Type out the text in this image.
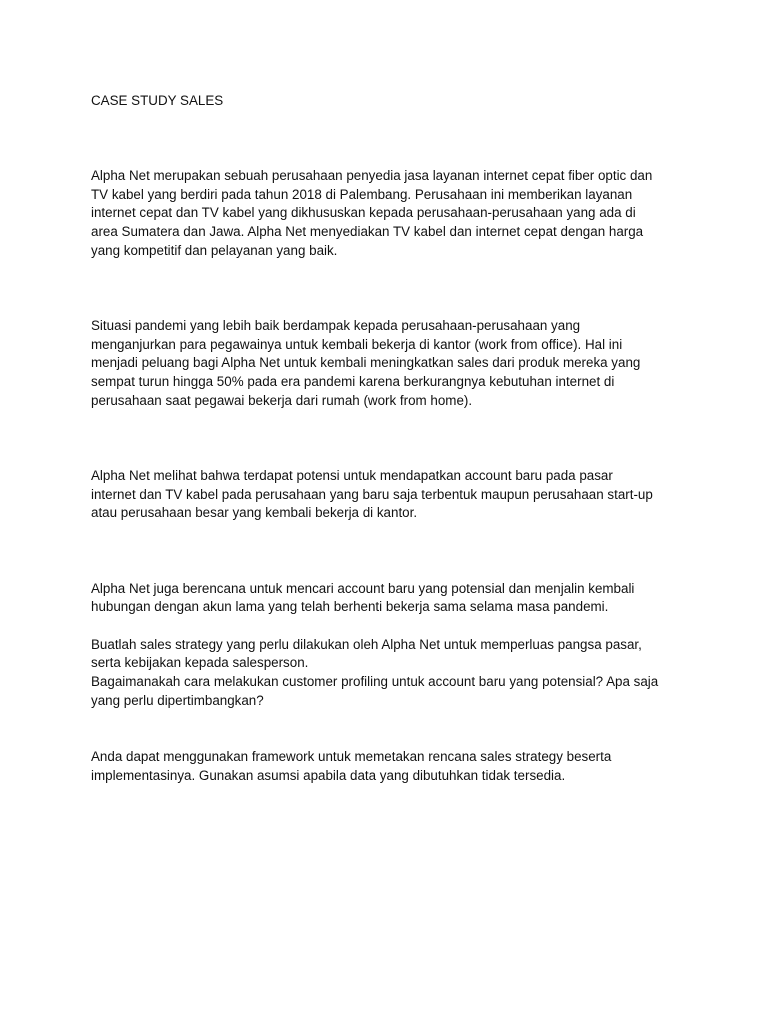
CASE STUDY SALES
Alpha Net merupakan sebuah perusahaan penyedia jasa layanan internet cepat fiber optic dan
TV kabel yang berdiri pada tahun 2018 di Palembang. Perusahaan ini memberikan layanan
internet cepat dan TV kabel yang dikhususkan kepada perusahaan-perusahaan yang ada di
area Sumatera dan Jawa. Alpha Net menyediakan TV kabel dan internet cepat dengan harga
yang kompetitif dan pelayanan yang baik.
Situasi pandemi yang lebih baik berdampak kepada perusahaan-perusahaan yang
menganjurkan para pegawainya untuk kembali bekerja di kantor (work from office). Hal ini
menjadi peluang bagi Alpha Net untuk kembali meningkatkan sales dari produk mereka yang
sempat turun hingga 50% pada era pandemi karena berkurangnya kebutuhan internet di
perusahaan saat pegawai bekerja dari rumah (work from home).
Alpha Net melihat bahwa terdapat potensi untuk mendapatkan account baru pada pasar
internet dan TV kabel pada perusahaan yang baru saja terbentuk maupun perusahaan start-up
atau perusahaan besar yang kembali bekerja di kantor.
Alpha Net juga berencana untuk mencari account baru yang potensial dan menjalin kembali
hubungan dengan akun lama yang telah berhenti bekerja sama selama masa pandemi.
Buatlah sales strategy yang perlu dilakukan oleh Alpha Net untuk memperluas pangsa pasar,
serta kebijakan kepada salesperson.
Bagaimanakah cara melakukan customer profiling untuk account baru yang potensial? Apa saja
yang perlu dipertimbangkan?
Anda dapat menggunakan framework untuk memetakan rencana sales strategy beserta
implementasinya. Gunakan asumsi apabila data yang dibutuhkan tidak tersedia.
